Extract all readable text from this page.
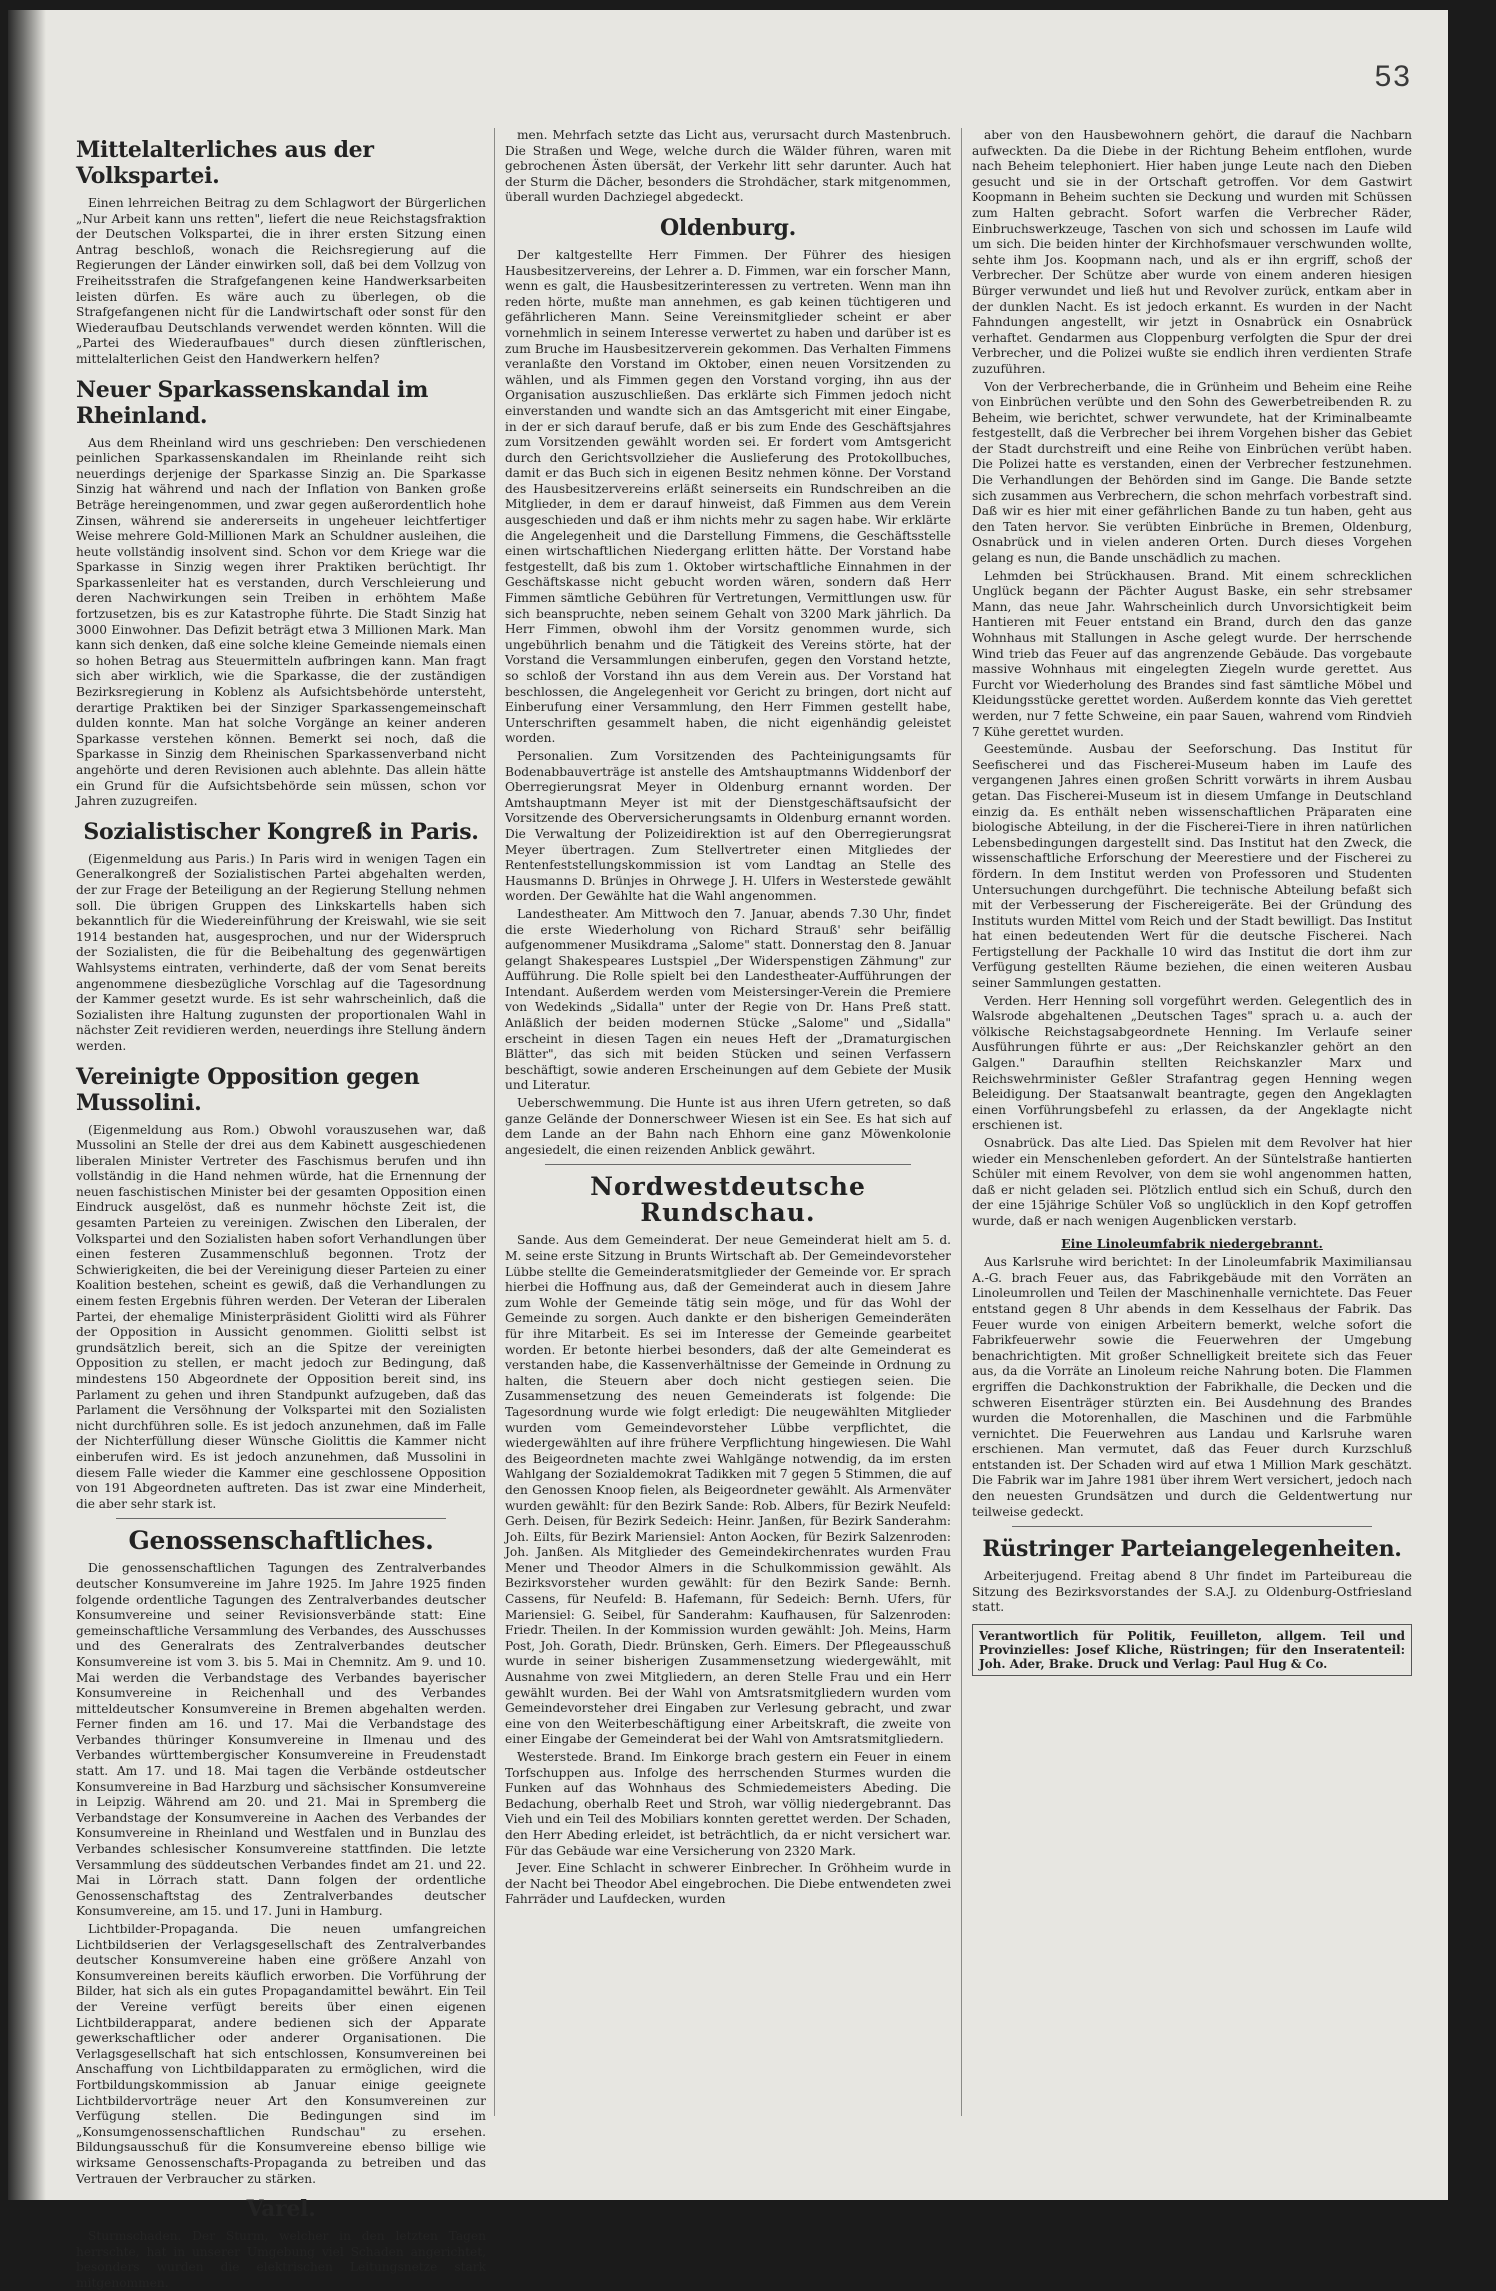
53
Mittelalterliches aus der Volkspartei.

Einen lehrreichen Beitrag zu dem Schlagwort der Bürgerlichen „Nur Arbeit kann uns retten", liefert die neue Reichstagsfraktion der Deutschen Volkspartei, die in ihrer ersten Sitzung einen Antrag beschloß, wonach die Reichsregierung auf die Regierungen der Länder einwirken soll, daß bei dem Vollzug von Freiheitsstrafen die Strafgefangenen keine Handwerksarbeiten leisten dürfen. Es wäre auch zu überlegen, ob die Strafgefangenen nicht für die Landwirtschaft oder sonst für den Wiederaufbau Deutschlands verwendet werden könnten. Will die „Partei des Wiederaufbaues" durch diesen zünftlerischen, mittelalterlichen Geist den Handwerkern helfen?

Neuer Sparkassenskandal im Rheinland.

Aus dem Rheinland wird uns geschrieben: Den verschiedenen peinlichen Sparkassenskandalen im Rheinlande reiht sich neuerdings derjenige der Sparkasse Sinzig an. Die Sparkasse Sinzig hat während und nach der Inflation von Banken große Beträge hereingenommen, und zwar gegen außerordentlich hohe Zinsen, während sie andererseits in ungeheuer leichtfertiger Weise mehrere Gold-Millionen Mark an Schuldner ausleihen, die heute vollständig insolvent sind. Schon vor dem Kriege war die Sparkasse in Sinzig wegen ihrer Praktiken berüchtigt. Ihr Sparkassenleiter hat es verstanden, durch Verschleierung und deren Nachwirkungen sein Treiben in erhöhtem Maße fortzusetzen, bis es zur Katastrophe führte. Die Stadt Sinzig hat 3000 Einwohner. Das Defizit beträgt etwa 3 Millionen Mark. Man kann sich denken, daß eine solche kleine Gemeinde niemals einen so hohen Betrag aus Steuermitteln aufbringen kann. Man fragt sich aber wirklich, wie die Sparkasse, die der zuständigen Bezirksregierung in Koblenz als Aufsichtsbehörde untersteht, derartige Praktiken bei der Sinziger Sparkassengemeinschaft dulden konnte. Man hat solche Vorgänge an keiner anderen Sparkasse verstehen können. Bemerkt sei noch, daß die Sparkasse in Sinzig dem Rheinischen Sparkassenverband nicht angehörte und deren Revisionen auch ablehnte. Das allein hätte ein Grund für die Aufsichtsbehörde sein müssen, schon vor Jahren zuzugreifen.

Sozialistischer Kongreß in Paris.

(Eigenmeldung aus Paris.) In Paris wird in wenigen Tagen ein Generalkongreß der Sozialistischen Partei abgehalten werden, der zur Frage der Beteiligung an der Regierung Stellung nehmen soll. Die übrigen Gruppen des Linkskartells haben sich bekanntlich für die Wiedereinführung der Kreiswahl, wie sie seit 1914 bestanden hat, ausgesprochen, und nur der Widerspruch der Sozialisten, die für die Beibehaltung des gegenwärtigen Wahlsystems eintraten, verhinderte, daß der vom Senat bereits angenommene diesbezügliche Vorschlag auf die Tagesordnung der Kammer gesetzt wurde. Es ist sehr wahrscheinlich, daß die Sozialisten ihre Haltung zugunsten der proportionalen Wahl in nächster Zeit revidieren werden, neuerdings ihre Stellung ändern werden.

Vereinigte Opposition gegen Mussolini.

(Eigenmeldung aus Rom.) Obwohl vorauszusehen war, daß Mussolini an Stelle der drei aus dem Kabinett ausgeschiedenen liberalen Minister Vertreter des Faschismus berufen und ihn vollständig in die Hand nehmen würde, hat die Ernennung der neuen faschistischen Minister bei der gesamten Opposition einen Eindruck ausgelöst, daß es nunmehr höchste Zeit ist, die gesamten Parteien zu vereinigen. Zwischen den Liberalen, der Volkspartei und den Sozialisten haben sofort Verhandlungen über einen festeren Zusammenschluß begonnen. Trotz der Schwierigkeiten, die bei der Vereinigung dieser Parteien zu einer Koalition bestehen, scheint es gewiß, daß die Verhandlungen zu einem festen Ergebnis führen werden. Der Veteran der Liberalen Partei, der ehemalige Ministerpräsident Giolitti wird als Führer der Opposition in Aussicht genommen. Giolitti selbst ist grundsätzlich bereit, sich an die Spitze der vereinigten Opposition zu stellen, er macht jedoch zur Bedingung, daß mindestens 150 Abgeordnete der Opposition bereit sind, ins Parlament zu gehen und ihren Standpunkt aufzugeben, daß das Parlament die Versöhnung der Volkspartei mit den Sozialisten nicht durchführen solle. Es ist jedoch anzunehmen, daß im Falle der Nichterfüllung dieser Wünsche Giolittis die Kammer nicht einberufen wird. Es ist jedoch anzunehmen, daß Mussolini in diesem Falle wieder die Kammer eine geschlossene Opposition von 191 Abgeordneten auftreten. Das ist zwar eine Minderheit, die aber sehr stark ist.

Genossenschaftliches.

Die genossenschaftlichen Tagungen des Zentralverbandes deutscher Konsumvereine im Jahre 1925. Im Jahre 1925 finden folgende ordentliche Tagungen des Zentralverbandes deutscher Konsumvereine und seiner Revisionsverbände statt: Eine gemeinschaftliche Versammlung des Verbandes, des Ausschusses und des Generalrats des Zentralverbandes deutscher Konsumvereine ist vom 3. bis 5. Mai in Chemnitz. Am 9. und 10. Mai werden die Verbandstage des Verbandes bayerischer Konsumvereine in Reichenhall und des Verbandes mitteldeutscher Konsumvereine in Bremen abgehalten werden. Ferner finden am 16. und 17. Mai die Verbandstage des Verbandes thüringer Konsumvereine in Ilmenau und des Verbandes württembergischer Konsumvereine in Freudenstadt statt. Am 17. und 18. Mai tagen die Verbände ostdeutscher Konsumvereine in Bad Harzburg und sächsischer Konsumvereine in Leipzig. Während am 20. und 21. Mai in Spremberg die Verbandstage der Konsumvereine in Aachen des Verbandes der Konsumvereine in Rheinland und Westfalen und in Bunzlau des Verbandes schlesischer Konsumvereine stattfinden. Die letzte Versammlung des süddeutschen Verbandes findet am 21. und 22. Mai in Lörrach statt. Dann folgen der ordentliche Genossenschaftstag des Zentralverbandes deutscher Konsumvereine, am 15. und 17. Juni in Hamburg.

Lichtbilder-Propaganda. Die neuen umfangreichen Lichtbildserien der Verlagsgesellschaft des Zentralverbandes deutscher Konsumvereine haben eine größere Anzahl von Konsumvereinen bereits käuflich erworben. Die Vorführung der Bilder, hat sich als ein gutes Propagandamittel bewährt. Ein Teil der Vereine verfügt bereits über einen eigenen Lichtbilderapparat, andere bedienen sich der Apparate gewerkschaftlicher oder anderer Organisationen. Die Verlagsgesellschaft hat sich entschlossen, Konsumvereinen bei Anschaffung von Lichtbildapparaten zu ermöglichen, wird die Fortbildungskommission ab Januar einige geeignete Lichtbildervorträge neuer Art den Konsumvereinen zur Verfügung stellen. Die Bedingungen sind im „Konsumgenossenschaftlichen Rundschau" zu ersehen. Bildungsausschuß für die Konsumvereine ebenso billige wie wirksame Genossenschafts-Propaganda zu betreiben und das Vertrauen der Verbraucher zu stärken.

Varel.

Sturmschaden. Der Sturm, welcher in den letzten Tagen herrschte, hat in unserer Umgebung viel Schaden angerichtet, besonders wurden die elektrischen Leitungsnetze stark mitgenommen.

men. Mehrfach setzte das Licht aus, verursacht durch Mastenbruch. Die Straßen und Wege, welche durch die Wälder führen, waren mit gebrochenen Ästen übersät, der Verkehr litt sehr darunter. Auch hat der Sturm die Dächer, besonders die Strohdächer, stark mitgenommen, überall wurden Dachziegel abgedeckt.

Oldenburg.

Der kaltgestellte Herr Fimmen. Der Führer des hiesigen Hausbesitzervereins, der Lehrer a. D. Fimmen, war ein forscher Mann, wenn es galt, die Hausbesitzerinteressen zu vertreten. Wenn man ihn reden hörte, mußte man annehmen, es gab keinen tüchtigeren und gefährlicheren Mann. Seine Vereinsmitglieder scheint er aber vornehmlich in seinem Interesse verwertet zu haben und darüber ist es zum Bruche im Hausbesitzerverein gekommen. Das Verhalten Fimmens veranlaßte den Vorstand im Oktober, einen neuen Vorsitzenden zu wählen, und als Fimmen gegen den Vorstand vorging, ihn aus der Organisation auszuschließen. Das erklärte sich Fimmen jedoch nicht einverstanden und wandte sich an das Amtsgericht mit einer Eingabe, in der er sich darauf berufe, daß er bis zum Ende des Geschäftsjahres zum Vorsitzenden gewählt worden sei. Er fordert vom Amtsgericht durch den Gerichtsvollzieher die Auslieferung des Protokollbuches, damit er das Buch sich in eigenen Besitz nehmen könne. Der Vorstand des Hausbesitzervereins erläßt seinerseits ein Rundschreiben an die Mitglieder, in dem er darauf hinweist, daß Fimmen aus dem Verein ausgeschieden und daß er ihm nichts mehr zu sagen habe. Wir erklärte die Angelegenheit und die Darstellung Fimmens, die Geschäftsstelle einen wirtschaftlichen Niedergang erlitten hätte. Der Vorstand habe festgestellt, daß bis zum 1. Oktober wirtschaftliche Einnahmen in der Geschäftskasse nicht gebucht worden wären, sondern daß Herr Fimmen sämtliche Gebühren für Vertretungen, Vermittlungen usw. für sich beanspruchte, neben seinem Gehalt von 3200 Mark jährlich. Da Herr Fimmen, obwohl ihm der Vorsitz genommen wurde, sich ungebührlich benahm und die Tätigkeit des Vereins störte, hat der Vorstand die Versammlungen einberufen, gegen den Vorstand hetzte, so schloß der Vorstand ihn aus dem Verein aus. Der Vorstand hat beschlossen, die Angelegenheit vor Gericht zu bringen, dort nicht auf Einberufung einer Versammlung, den Herr Fimmen gestellt habe, Unterschriften gesammelt haben, die nicht eigenhändig geleistet worden.

Personalien. Zum Vorsitzenden des Pachteinigungsamts für Bodenabbauverträge ist anstelle des Amtshauptmanns Widdenborf der Oberregierungsrat Meyer in Oldenburg ernannt worden. Der Amtshauptmann Meyer ist mit der Dienstgeschäftsaufsicht der Vorsitzende des Oberversicherungsamts in Oldenburg ernannt worden. Die Verwaltung der Polizeidirektion ist auf den Oberregierungsrat Meyer übertragen. Zum Stellvertreter einen Mitgliedes der Rentenfeststellungskommission ist vom Landtag an Stelle des Hausmanns D. Brünjes in Ohrwege J. H. Ulfers in Westerstede gewählt worden. Der Gewählte hat die Wahl angenommen.

Landestheater. Am Mittwoch den 7. Januar, abends 7.30 Uhr, findet die erste Wiederholung von Richard Strauß' sehr beifällig aufgenommener Musikdrama „Salome" statt. Donnerstag den 8. Januar gelangt Shakespeares Lustspiel „Der Widerspenstigen Zähmung" zur Aufführung. Die Rolle spielt bei den Landestheater-Aufführungen der Intendant. Außerdem werden vom Meistersinger-Verein die Premiere von Wedekinds „Sidalla" unter der Regie von Dr. Hans Preß statt. Anläßlich der beiden modernen Stücke „Salome" und „Sidalla" erscheint in diesen Tagen ein neues Heft der „Dramaturgischen Blätter", das sich mit beiden Stücken und seinen Verfassern beschäftigt, sowie anderen Erscheinungen auf dem Gebiete der Musik und Literatur.

Ueberschwemmung. Die Hunte ist aus ihren Ufern getreten, so daß ganze Gelände der Donnerschweer Wiesen ist ein See. Es hat sich auf dem Lande an der Bahn nach Ehhorn eine ganz Möwenkolonie angesiedelt, die einen reizenden Anblick gewährt.

Nordwestdeutsche Rundschau.

Sande. Aus dem Gemeinderat. Der neue Gemeinderat hielt am 5. d. M. seine erste Sitzung in Brunts Wirtschaft ab. Der Gemeindevorsteher Lübbe stellte die Gemeinderatsmitglieder der Gemeinde vor. Er sprach hierbei die Hoffnung aus, daß der Gemeinderat auch in diesem Jahre zum Wohle der Gemeinde tätig sein möge, und für das Wohl der Gemeinde zu sorgen. Auch dankte er den bisherigen Gemeinderäten für ihre Mitarbeit. Es sei im Interesse der Gemeinde gearbeitet worden. Er betonte hierbei besonders, daß der alte Gemeinderat es verstanden habe, die Kassenverhältnisse der Gemeinde in Ordnung zu halten, die Steuern aber doch nicht gestiegen seien. Die Zusammensetzung des neuen Gemeinderats ist folgende: Die Tagesordnung wurde wie folgt erledigt: Die neugewählten Mitglieder wurden vom Gemeindevorsteher Lübbe verpflichtet, die wiedergewählten auf ihre frühere Verpflichtung hingewiesen. Die Wahl des Beigeordneten machte zwei Wahlgänge notwendig, da im ersten Wahlgang der Sozialdemokrat Tadikken mit 7 gegen 5 Stimmen, die auf den Genossen Knoop fielen, als Beigeordneter gewählt. Als Armenväter wurden gewählt: für den Bezirk Sande: Rob. Albers, für Bezirk Neufeld: Gerh. Deisen, für Bezirk Sedeich: Heinr. Janßen, für Bezirk Sanderahm: Joh. Eilts, für Bezirk Mariensiel: Anton Aocken, für Bezirk Salzenroden: Joh. Janßen. Als Mitglieder des Gemeindekirchenrates wurden Frau Mener und Theodor Almers in die Schulkommission gewählt. Als Bezirksvorsteher wurden gewählt: für den Bezirk Sande: Bernh. Cassens, für Neufeld: B. Hafemann, für Sedeich: Bernh. Ufers, für Mariensiel: G. Seibel, für Sanderahm: Kaufhausen, für Salzenroden: Friedr. Theilen. In der Kommission wurden gewählt: Joh. Meins, Harm Post, Joh. Gorath, Diedr. Brünsken, Gerh. Eimers. Der Pflegeausschuß wurde in seiner bisherigen Zusammensetzung wiedergewählt, mit Ausnahme von zwei Mitgliedern, an deren Stelle Frau und ein Herr gewählt wurden. Bei der Wahl von Amtsratsmitgliedern wurden vom Gemeindevorsteher drei Eingaben zur Verlesung gebracht, und zwar eine von den Weiterbeschäftigung einer Arbeitskraft, die zweite von einer Eingabe der Gemeinderat bei der Wahl von Amtsratsmitgliedern.

Westerstede. Brand. Im Einkorge brach gestern ein Feuer in einem Torfschuppen aus. Infolge des herrschenden Sturmes wurden die Funken auf das Wohnhaus des Schmiedemeisters Abeding. Die Bedachung, oberhalb Reet und Stroh, war völlig niedergebrannt. Das Vieh und ein Teil des Mobiliars konnten gerettet werden. Der Schaden, den Herr Abeding erleidet, ist beträchtlich, da er nicht versichert war. Für das Gebäude war eine Versicherung von 2320 Mark.

Jever. Eine Schlacht in schwerer Einbrecher. In Gröhheim wurde in der Nacht bei Theodor Abel eingebrochen. Die Diebe entwendeten zwei Fahrräder und Laufdecken, wurden

aber von den Hausbewohnern gehört, die darauf die Nachbarn aufweckten. Da die Diebe in der Richtung Beheim entflohen, wurde nach Beheim telephoniert. Hier haben junge Leute nach den Dieben gesucht und sie in der Ortschaft getroffen. Vor dem Gastwirt Koopmann in Beheim suchten sie Deckung und wurden mit Schüssen zum Halten gebracht. Sofort warfen die Verbrecher Räder, Einbruchswerkzeuge, Taschen von sich und schossen im Laufe wild um sich. Die beiden hinter der Kirchhofsmauer verschwunden wollte, sehte ihm Jos. Koopmann nach, und als er ihn ergriff, schoß der Verbrecher. Der Schütze aber wurde von einem anderen hiesigen Bürger verwundet und ließ hut und Revolver zurück, entkam aber in der dunklen Nacht. Es ist jedoch erkannt. Es wurden in der Nacht Fahndungen angestellt, wir jetzt in Osnabrück ein Osnabrück verhaftet. Gendarmen aus Cloppenburg verfolgten die Spur der drei Verbrecher, und die Polizei wußte sie endlich ihren verdienten Strafe zuzuführen.

Von der Verbrecherbande, die in Grünheim und Beheim eine Reihe von Einbrüchen verübte und den Sohn des Gewerbetreibenden R. zu Beheim, wie berichtet, schwer verwundete, hat der Kriminalbeamte festgestellt, daß die Verbrecher bei ihrem Vorgehen bisher das Gebiet der Stadt durchstreift und eine Reihe von Einbrüchen verübt haben. Die Polizei hatte es verstanden, einen der Verbrecher festzunehmen. Die Verhandlungen der Behörden sind im Gange. Die Bande setzte sich zusammen aus Verbrechern, die schon mehrfach vorbestraft sind. Daß wir es hier mit einer gefährlichen Bande zu tun haben, geht aus den Taten hervor. Sie verübten Einbrüche in Bremen, Oldenburg, Osnabrück und in vielen anderen Orten. Durch dieses Vorgehen gelang es nun, die Bande unschädlich zu machen.

Lehmden bei Strückhausen. Brand. Mit einem schrecklichen Unglück begann der Pächter August Baske, ein sehr strebsamer Mann, das neue Jahr. Wahrscheinlich durch Unvorsichtigkeit beim Hantieren mit Feuer entstand ein Brand, durch den das ganze Wohnhaus mit Stallungen in Asche gelegt wurde. Der herrschende Wind trieb das Feuer auf das angrenzende Gebäude. Das vorgebaute massive Wohnhaus mit eingelegten Ziegeln wurde gerettet. Aus Furcht vor Wiederholung des Brandes sind fast sämtliche Möbel und Kleidungsstücke gerettet worden. Außerdem konnte das Vieh gerettet werden, nur 7 fette Schweine, ein paar Sauen, wahrend vom Rindvieh 7 Kühe gerettet wurden.

Geestemünde. Ausbau der Seeforschung. Das Institut für Seefischerei und das Fischerei-Museum haben im Laufe des vergangenen Jahres einen großen Schritt vorwärts in ihrem Ausbau getan. Das Fischerei-Museum ist in diesem Umfange in Deutschland einzig da. Es enthält neben wissenschaftlichen Präparaten eine biologische Abteilung, in der die Fischerei-Tiere in ihren natürlichen Lebensbedingungen dargestellt sind. Das Institut hat den Zweck, die wissenschaftliche Erforschung der Meerestiere und der Fischerei zu fördern. In dem Institut werden von Professoren und Studenten Untersuchungen durchgeführt. Die technische Abteilung befaßt sich mit der Verbesserung der Fischereigeräte. Bei der Gründung des Instituts wurden Mittel vom Reich und der Stadt bewilligt. Das Institut hat einen bedeutenden Wert für die deutsche Fischerei. Nach Fertigstellung der Packhalle 10 wird das Institut die dort ihm zur Verfügung gestellten Räume beziehen, die einen weiteren Ausbau seiner Sammlungen gestatten.

Verden. Herr Henning soll vorgeführt werden. Gelegentlich des in Walsrode abgehaltenen „Deutschen Tages" sprach u. a. auch der völkische Reichstagsabgeordnete Henning. Im Verlaufe seiner Ausführungen führte er aus: „Der Reichskanzler gehört an den Galgen." Daraufhin stellten Reichskanzler Marx und Reichswehrminister Geßler Strafantrag gegen Henning wegen Beleidigung. Der Staatsanwalt beantragte, gegen den Angeklagten einen Vorführungsbefehl zu erlassen, da der Angeklagte nicht erschienen ist.

Osnabrück. Das alte Lied. Das Spielen mit dem Revolver hat hier wieder ein Menschenleben gefordert. An der Süntelstraße hantierten Schüler mit einem Revolver, von dem sie wohl angenommen hatten, daß er nicht geladen sei. Plötzlich entlud sich ein Schuß, durch den der eine 15jährige Schüler Voß so unglücklich in den Kopf getroffen wurde, daß er nach wenigen Augenblicken verstarb.

Eine Linoleumfabrik niedergebrannt.

Aus Karlsruhe wird berichtet: In der Linoleumfabrik Maximiliansau A.-G. brach Feuer aus, das Fabrikgebäude mit den Vorräten an Linoleumrollen und Teilen der Maschinenhalle vernichtete. Das Feuer entstand gegen 8 Uhr abends in dem Kesselhaus der Fabrik. Das Feuer wurde von einigen Arbeitern bemerkt, welche sofort die Fabrikfeuerwehr sowie die Feuerwehren der Umgebung benachrichtigten. Mit großer Schnelligkeit breitete sich das Feuer aus, da die Vorräte an Linoleum reiche Nahrung boten. Die Flammen ergriffen die Dachkonstruktion der Fabrikhalle, die Decken und die schweren Eisenträger stürzten ein. Bei Ausdehnung des Brandes wurden die Motorenhallen, die Maschinen und die Farbmühle vernichtet. Die Feuerwehren aus Landau und Karlsruhe waren erschienen. Man vermutet, daß das Feuer durch Kurzschluß entstanden ist. Der Schaden wird auf etwa 1 Million Mark geschätzt. Die Fabrik war im Jahre 1981 über ihrem Wert versichert, jedoch nach den neuesten Grundsätzen und durch die Geldentwertung nur teilweise gedeckt.

Rüstringer Parteiangelegenheiten.

Arbeiterjugend. Freitag abend 8 Uhr findet im Parteibureau die Sitzung des Bezirksvorstandes der S.A.J. zu Oldenburg-Ostfriesland statt.

Verantwortlich für Politik, Feuilleton, allgem. Teil und Provinzielles: Josef Kliche, Rüstringen; für den Inseratenteil: Joh. Ader, Brake. Druck und Verlag: Paul Hug & Co.
